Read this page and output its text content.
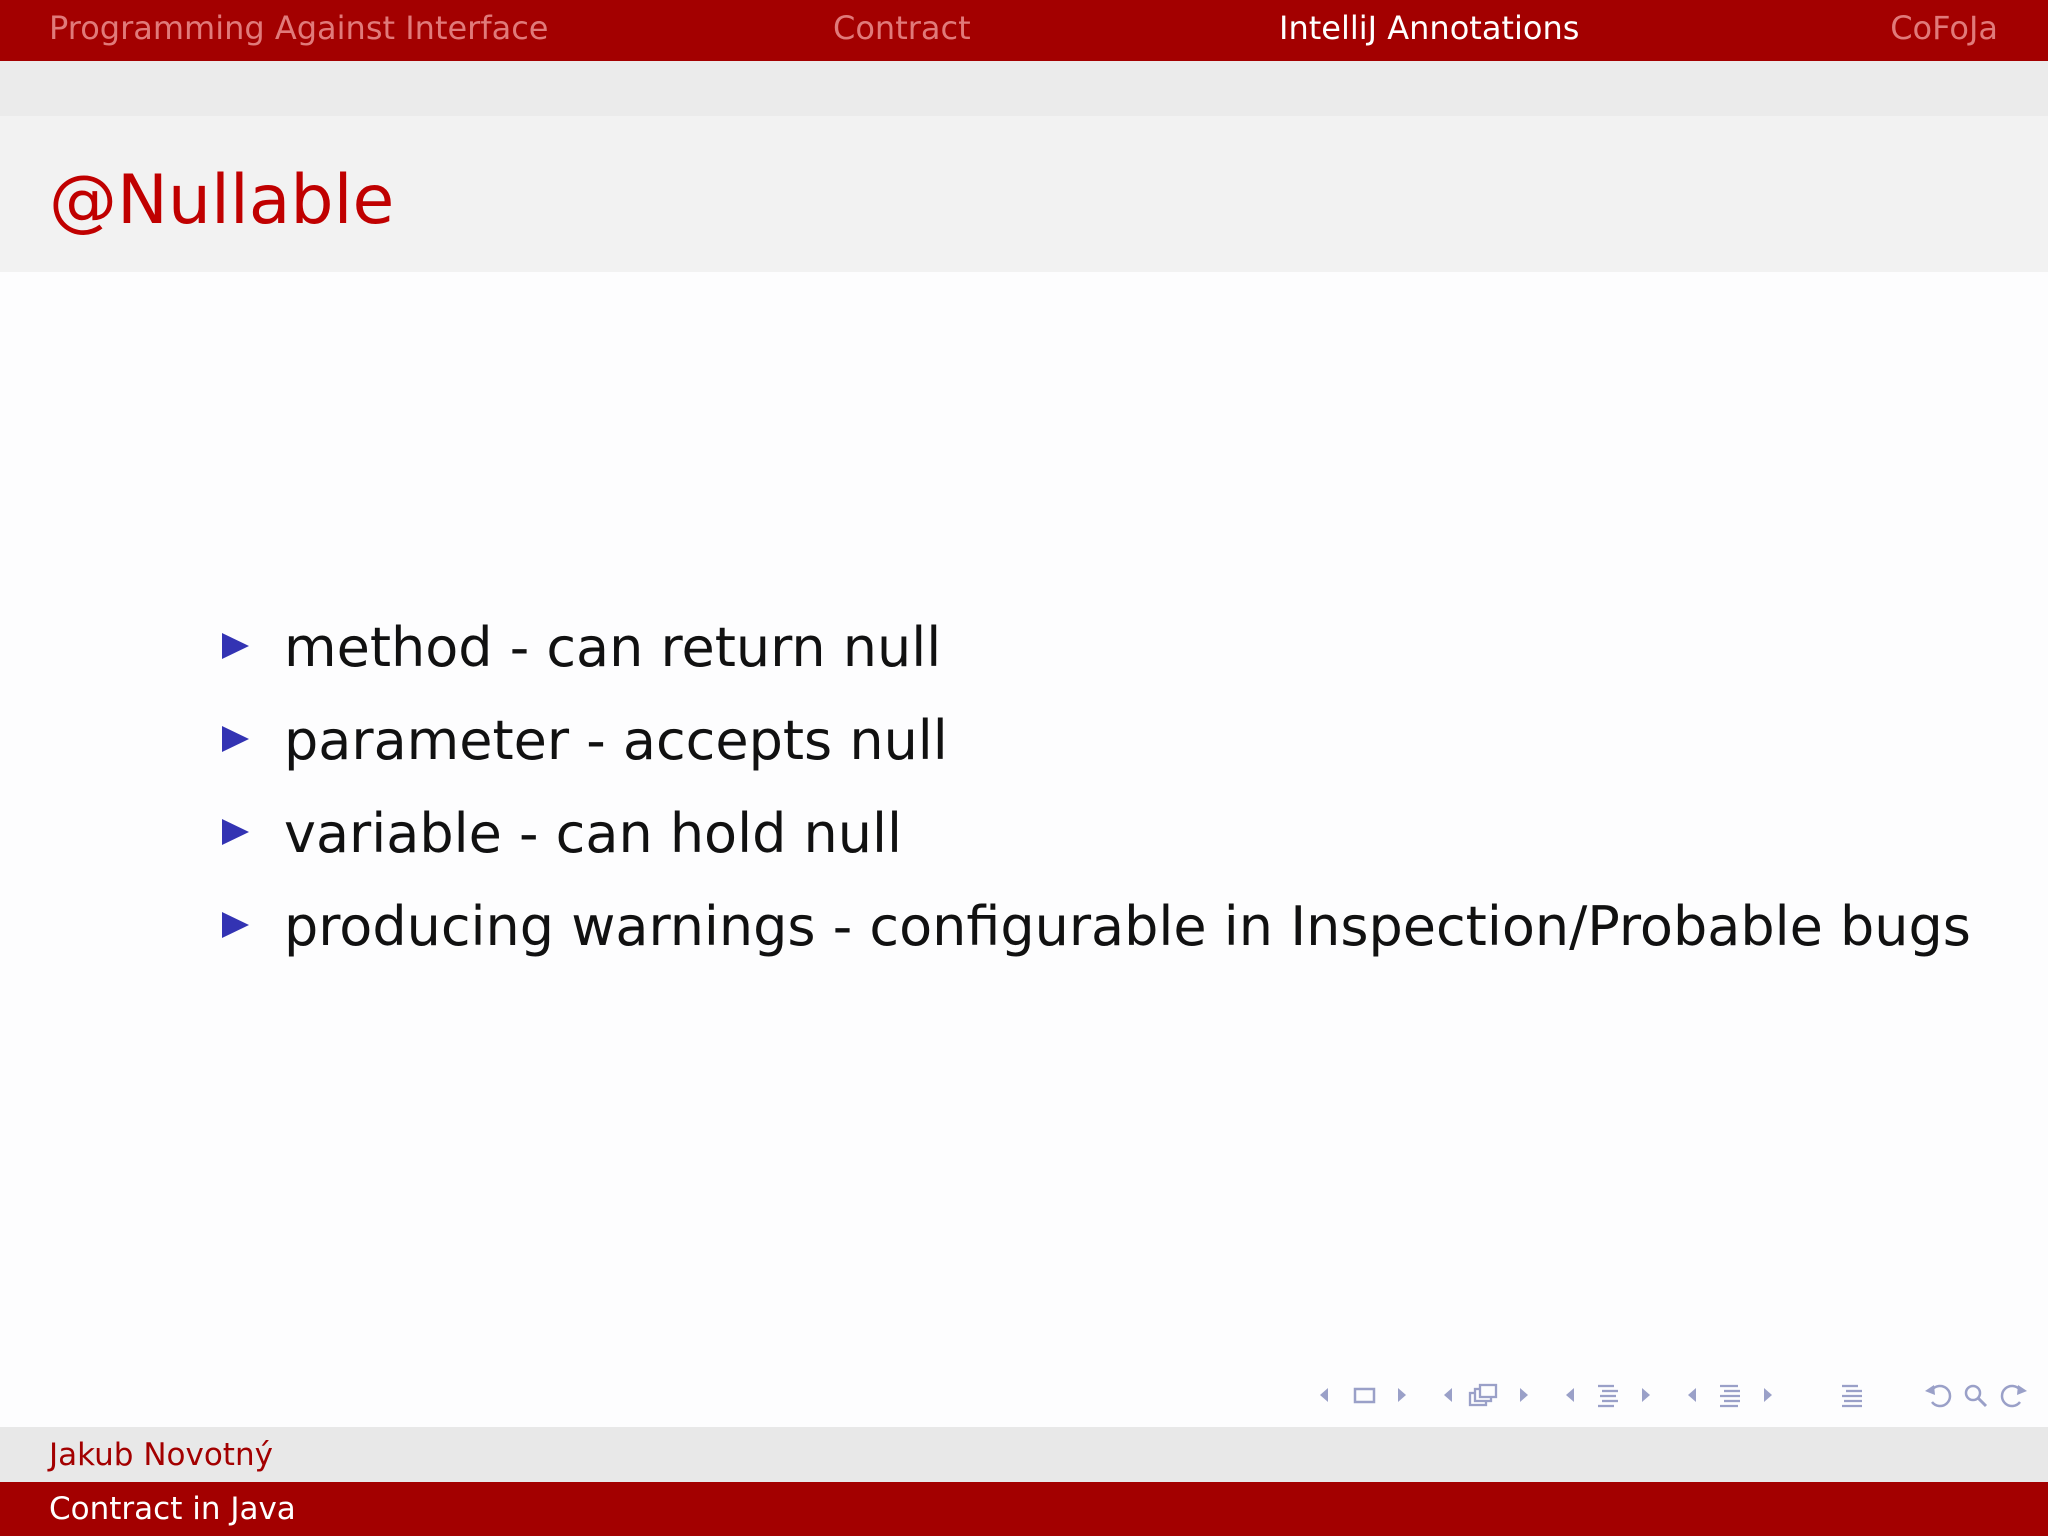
Programming Against Interface	Contract	IntelliJ Annotations	CoFoJa
@Nullable
method - can return null
parameter - accepts null
variable - can hold null
producing warnings - configurable in Inspection/Probable bugs
Jakub Novotný
Contract in Java
